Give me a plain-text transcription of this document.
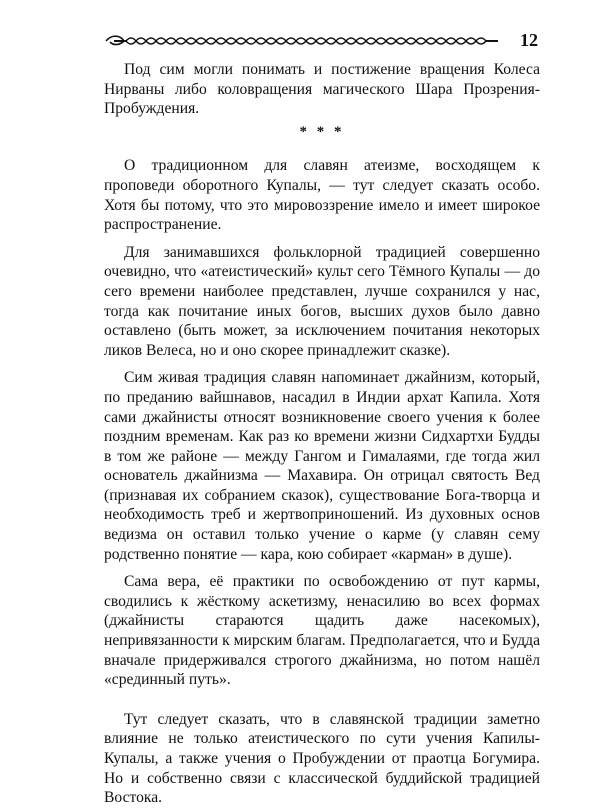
12

Под сим могли понимать и постижение вращения Колеса Нирваны либо коловращения магического Шара Прозрения-Пробуждения.

* * *

О традиционном для славян атеизме, восходящем к проповеди оборотного Купалы, — тут следует сказать особо. Хотя бы потому, что это мировоззрение имело и имеет широкое распространение.

Для занимавшихся фольклорной традицией совершенно очевидно, что «атеистический» культ сего Тёмного Купалы — до сего времени наиболее представлен, лучше сохранился у нас, тогда как почитание иных богов, высших духов было давно оставлено (быть может, за исключением почитания некоторых ликов Велеса, но и оно скорее принадлежит сказке).

Сим живая традиция славян напоминает джайнизм, который, по преданию вайшнавов, насадил в Индии архат Капила. Хотя сами джайнисты относят возникновение своего учения к более поздним временам. Как раз ко времени жизни Сидхартхи Будды в том же районе — между Гангом и Гималаями, где тогда жил основатель джайнизма — Махавира. Он отрицал святость Вед (признавая их собранием сказок), существование Бога-творца и необходимость треб и жертвоприношений. Из духовных основ ведизма он оставил только учение о карме (у славян сему родственно понятие — кара, кою собирает «карман» в душе).

Сама вера, её практики по освобождению от пут кармы, сводились к жёсткому аскетизму, ненасилию во всех формах (джайнисты стараются щадить даже насекомых), непривязанности к мирским благам. Предполагается, что и Будда вначале придерживался строгого джайнизма, но потом нашёл «срединный путь».

Тут следует сказать, что в славянской традиции заметно влияние не только атеистического по сути учения Капилы-Купалы, а также учения о Пробуждении от праотца Богумира. Но и собственно связи с классической буддийской традицией Востока.
